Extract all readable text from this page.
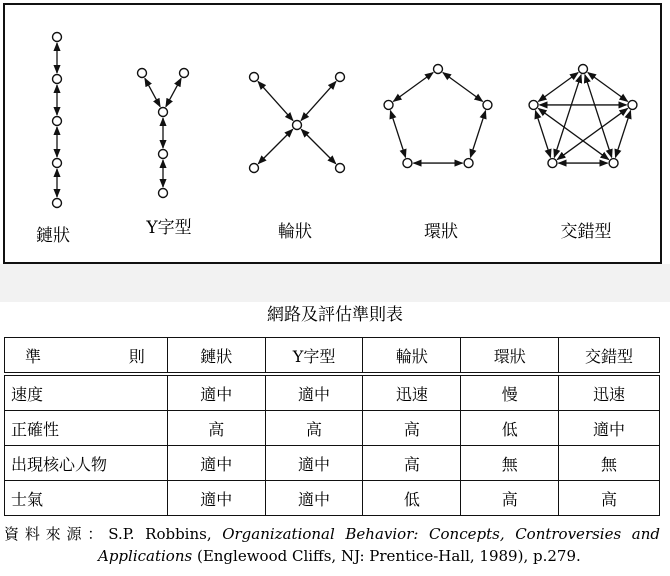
鏈狀	Y字型	輪狀	環狀	交錯型
網路及評估準則表
準 則	鏈狀	Y字型	輪狀	環狀	交錯型
速度	適中	適中	迅速	慢	迅速
正確性	高	高	高	低	適中
出現核心人物	適中	適中	高	無	無
士氣	適中	適中	低	高	高
資料來源：S.P. Robbins, Organizational Behavior: Concepts, Controversies and
Applications (Englewood Cliffs, NJ: Prentice-Hall, 1989), p.279.
